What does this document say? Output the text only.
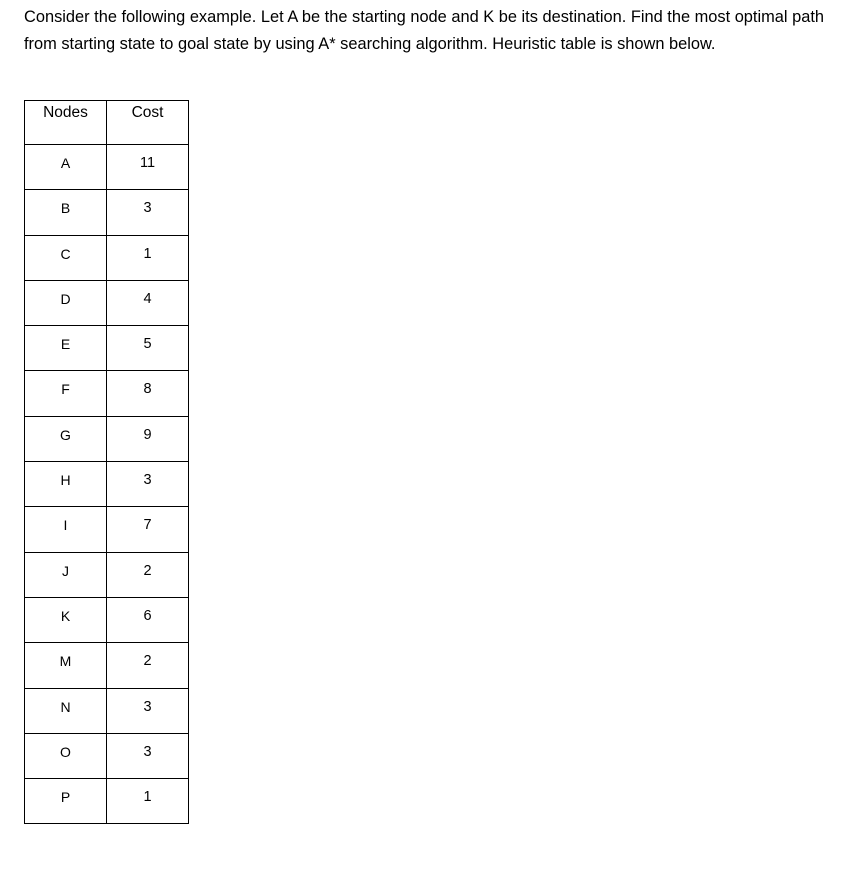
Consider the following example. Let A be the starting node and K be its destination. Find the most optimal path from starting state to goal state by using A* searching algorithm. Heuristic table is shown below.

Nodes	Cost
A	11
B	3
C	1
D	4
E	5
F	8
G	9
H	3
I	7
J	2
K	6
M	2
N	3
O	3
P	1
